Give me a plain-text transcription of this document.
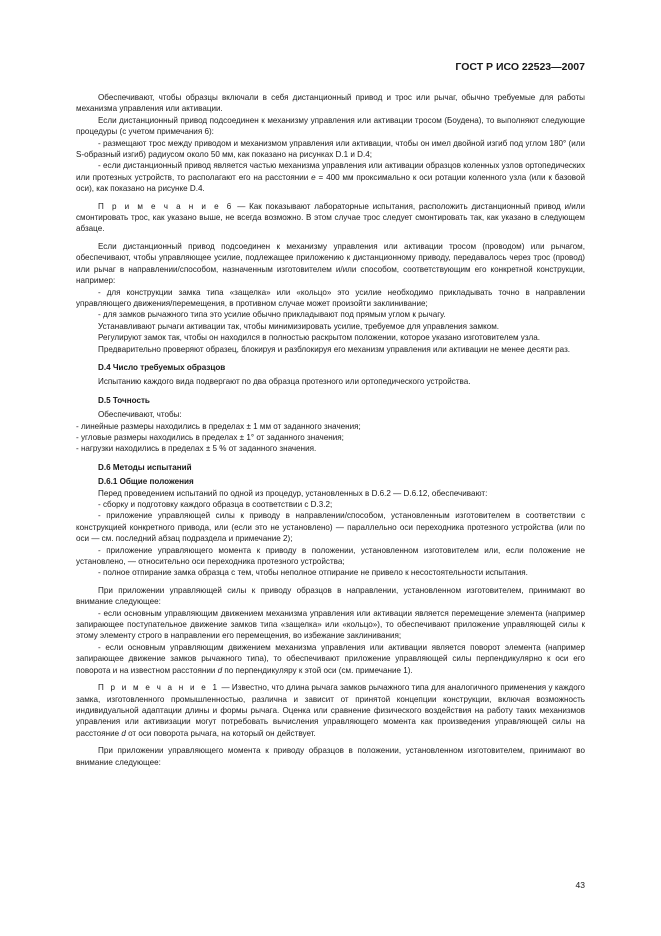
ГОСТ Р ИСО 22523—2007

Обеспечивают, чтобы образцы включали в себя дистанционный привод и трос или рычаг, обычно требуемые для работы механизма управления или активации.

Если дистанционный привод подсоединен к механизму управления или активации тросом (Боудена), то выполняют следующие процедуры (с учетом примечания 6):

- размещают трос между приводом и механизмом управления или активации, чтобы он имел двойной изгиб под углом 180° (или S-образный изгиб) радиусом около 50 мм, как показано на рисунках D.1 и D.4;

- если дистанционный привод является частью механизма управления или активации образцов коленных узлов ортопедических или протезных устройств, то располагают его на расстоянии e = 400 мм проксимально к оси ротации коленного узла (или к базовой оси), как показано на рисунке D.4.

П р и м е ч а н и е 6 — Как показывают лабораторные испытания, расположить дистанционный привод и/или смонтировать трос, как указано выше, не всегда возможно. В этом случае трос следует смонтировать так, как указано в следующем абзаце.

Если дистанционный привод подсоединен к механизму управления или активации тросом (проводом) или рычагом, обеспечивают, чтобы управляющее усилие, подлежащее приложению к дистанционному приводу, передавалось через трос (провод) или рычаг в направлении/способом, назначенным изготовителем и/или способом, соответствующим его конкретной конструкции, например:

- для конструкции замка типа «защелка» или «кольцо» это усилие необходимо прикладывать точно в направлении управляющего движения/перемещения, в противном случае может произойти заклинивание;

- для замков рычажного типа это усилие обычно прикладывают под прямым углом к рычагу.

Устанавливают рычаги активации так, чтобы минимизировать усилие, требуемое для управления замком.

Регулируют замок так, чтобы он находился в полностью раскрытом положении, которое указано изготовителем узла.

Предварительно проверяют образец, блокируя и разблокируя его механизм управления или активации не менее десяти раз.

D.4 Число требуемых образцов

Испытанию каждого вида подвергают по два образца протезного или ортопедического устройства.

D.5 Точность

Обеспечивают, чтобы:

- линейные размеры находились в пределах ± 1 мм от заданного значения;

- угловые размеры находились в пределах ± 1° от заданного значения;

- нагрузки находились в пределах ± 5 % от заданного значения.

D.6 Методы испытаний

D.6.1 Общие положения

Перед проведением испытаний по одной из процедур, установленных в D.6.2 — D.6.12, обеспечивают:

- сборку и подготовку каждого образца в соответствии с D.3.2;

- приложение управляющей силы к приводу в направлении/способом, установленным изготовителем в соответствии с конструкцией конкретного привода, или (если это не установлено) — параллельно оси переходника протезного устройства (или по оси — см. последний абзац подраздела и примечание 2);

- приложение управляющего момента к приводу в положении, установленном изготовителем или, если положение не установлено, — относительно оси переходника протезного устройства;

- полное отпирание замка образца с тем, чтобы неполное отпирание не привело к несостоятельности испытания.

При приложении управляющей силы к приводу образцов в направлении, установленном изготовителем, принимают во внимание следующее:

- если основным управляющим движением механизма управления или активации является перемещение элемента (например запирающее поступательное движение замков типа «защелка» или «кольцо»), то обеспечивают приложение управляющей силы к этому элементу строго в направлении его перемещения, во избежание заклинивания;

- если основным управляющим движением механизма управления или активации является поворот элемента (например запирающее движение замков рычажного типа), то обеспечивают приложение управляющей силы перпендикулярно к оси его поворота и на известном расстоянии d по перпендикуляру к этой оси (см. примечание 1).

П р и м е ч а н и е 1 — Известно, что длина рычага замков рычажного типа для аналогичного применения у каждого замка, изготовленного промышленностью, различна и зависит от принятой концепции конструкции, включая возможность индивидуальной адаптации длины и формы рычага. Оценка или сравнение физического воздействия на работу таких механизмов управления или активизации могут потребовать вычисления управляющего момента как произведения управляющей силы на расстояние d от оси поворота рычага, на который он действует.

При приложении управляющего момента к приводу образцов в положении, установленном изготовителем, принимают во внимание следующее:

43
